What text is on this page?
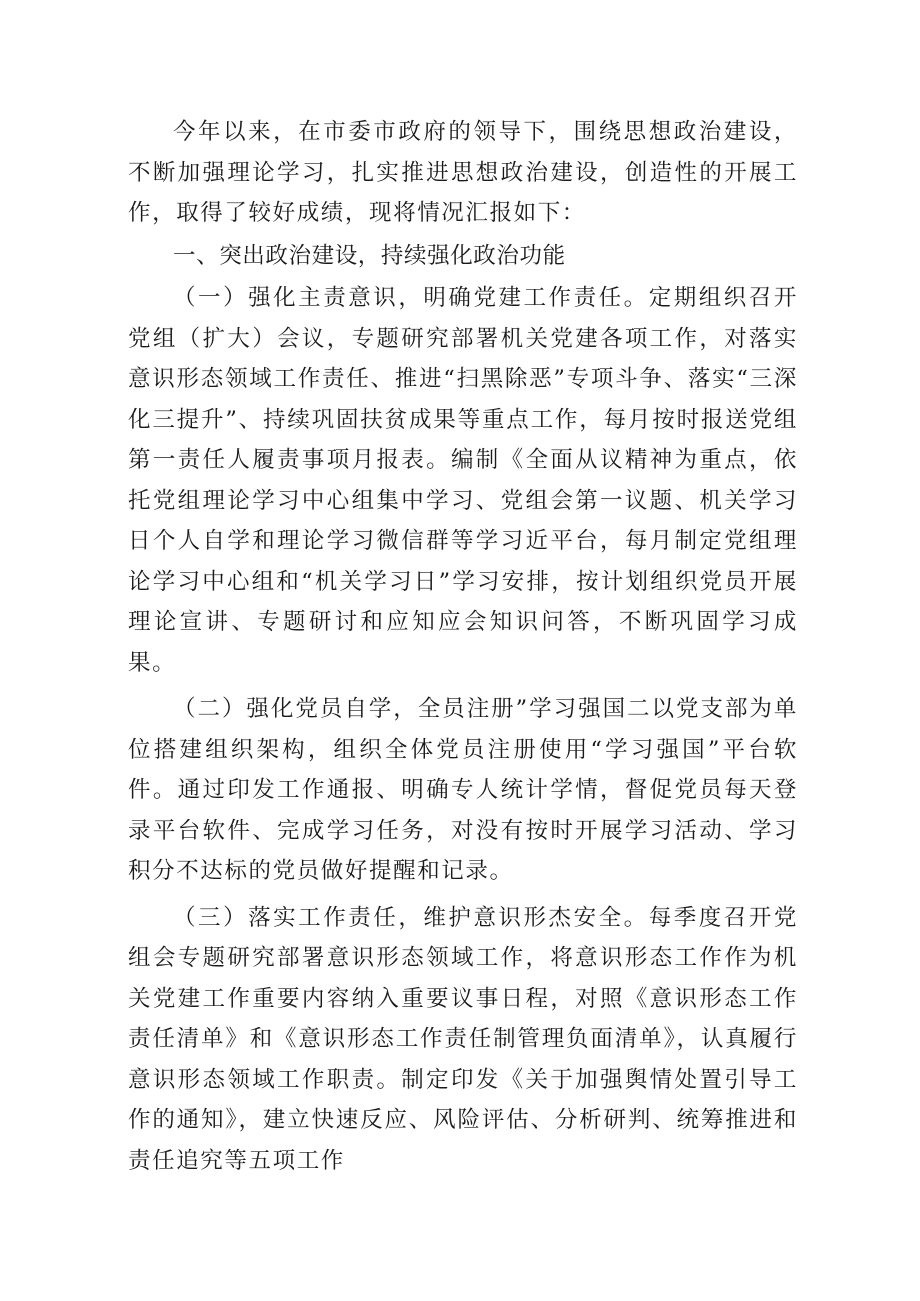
今年以来，在市委市政府的领导下，围绕思想政治建设，不断加强理论学习，扎实推进思想政治建设，创造性的开展工作，取得了较好成绩，现将情况汇报如下：

一、突出政治建设，持续强化政治功能

（一）强化主责意识，明确党建工作责任。定期组织召开党组（扩大）会议，专题研究部署机关党建各项工作，对落实意识形态领域工作责任、推进“扫黑除恶”专项斗争、落实“三深化三提升”、持续巩固扶贫成果等重点工作，每月按时报送党组第一责任人履责事项月报表。编制《全面从议精神为重点，依托党组理论学习中心组集中学习、党组会第一议题、机关学习日个人自学和理论学习微信群等学习近平台，每月制定党组理论学习中心组和“机关学习日”学习安排，按计划组织党员开展理论宣讲、专题研讨和应知应会知识问答，不断巩固学习成果。

（二）强化党员自学，全员注册”学习强国二以党支部为单位搭建组织架构，组织全体党员注册使用“学习强国”平台软件。通过印发工作通报、明确专人统计学情，督促党员每天登录平台软件、完成学习任务，对没有按时开展学习活动、学习积分不达标的党员做好提醒和记录。

（三）落实工作责任，维护意识形杰安全。每季度召开党组会专题研究部署意识形态领域工作，将意识形态工作作为机关党建工作重要内容纳入重要议事日程，对照《意识形态工作责任清单》和《意识形态工作责任制管理负面清单》，认真履行意识形态领域工作职责。制定印发《关于加强舆情处置引导工作的通知》，建立快速反应、风险评估、分析研判、统筹推进和责任追究等五项工作
